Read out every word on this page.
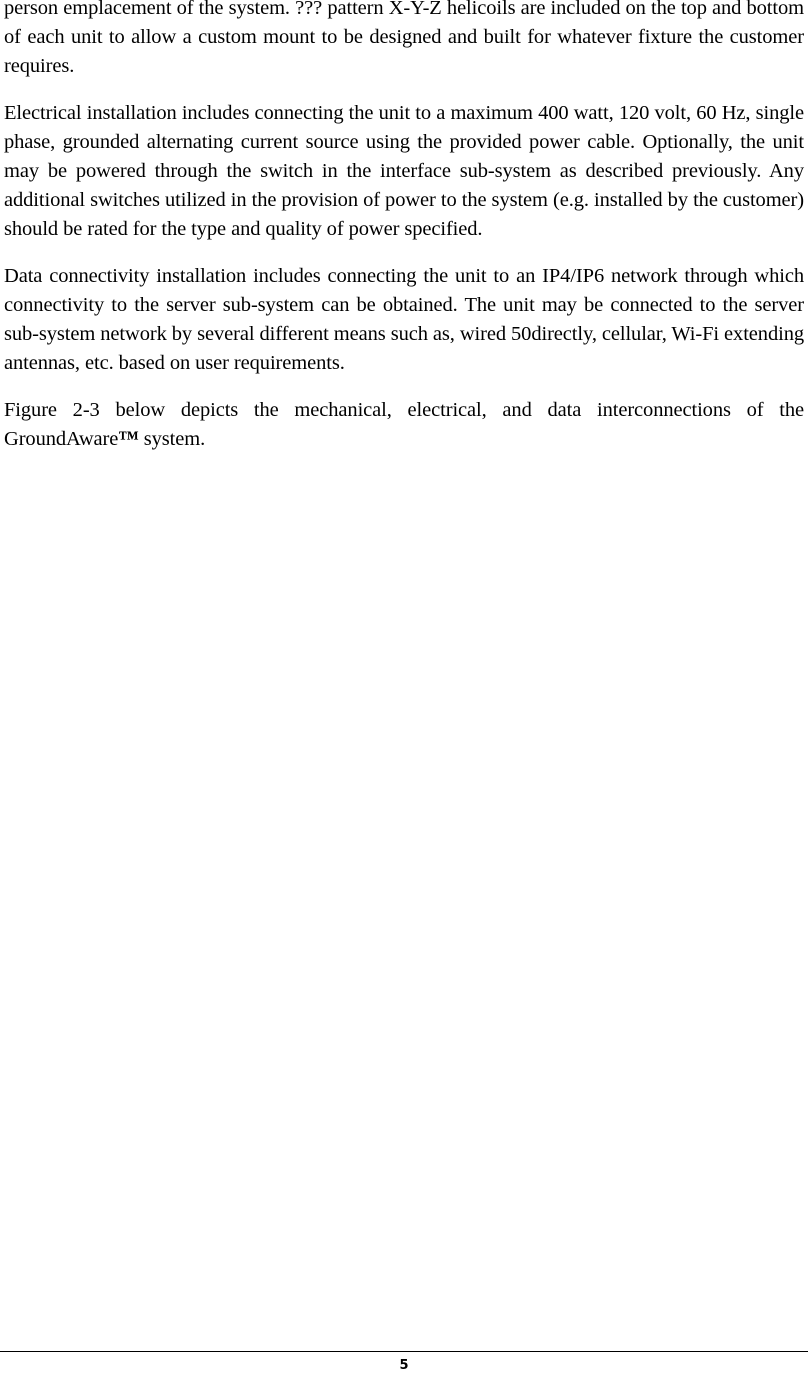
person emplacement of the system. ??? pattern X-Y-Z helicoils are included on the top and bottom of each unit to allow a custom mount to be designed and built for whatever fixture the customer requires.

Electrical installation includes connecting the unit to a maximum 400 watt, 120 volt, 60 Hz, single phase, grounded alternating current source using the provided power cable. Optionally, the unit may be powered through the switch in the interface sub-system as described previously. Any additional switches utilized in the provision of power to the system (e.g. installed by the customer) should be rated for the type and quality of power specified.

Data connectivity installation includes connecting the unit to an IP4/IP6 network through which connectivity to the server sub-system can be obtained. The unit may be connected to the server sub-system network by several different means such as, wired 50directly, cellular, Wi-Fi extending antennas, etc. based on user requirements.

Figure 2-3 below depicts the mechanical, electrical, and data interconnections of the GroundAware™ system.

5
